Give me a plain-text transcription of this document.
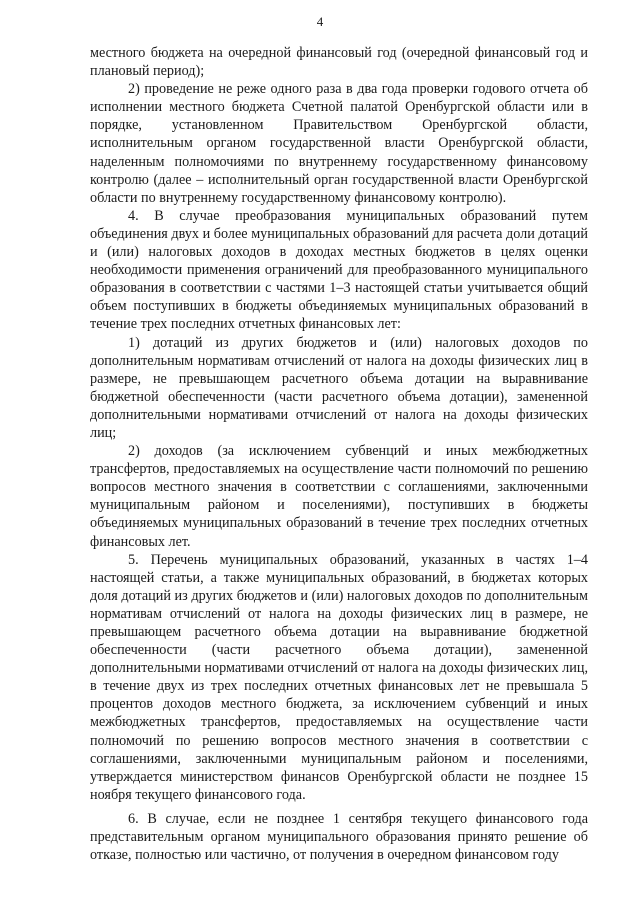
4

местного бюджета на очередной финансовый год (очередной финансовый год и плановый период);

2) проведение не реже одного раза в два года проверки годового отчета об исполнении местного бюджета Счетной палатой Оренбургской области или в порядке, установленном Правительством Оренбургской области, исполнительным органом государственной власти Оренбургской области, наделенным полномочиями по внутреннему государственному финансовому контролю (далее – исполнительный орган государственной власти Оренбургской области по внутреннему государственному финансовому контролю).

4. В случае преобразования муниципальных образований путем объединения двух и более муниципальных образований для расчета доли дотаций и (или) налоговых доходов в доходах местных бюджетов в целях оценки необходимости применения ограничений для преобразованного муниципального образования в соответствии с частями 1–3 настоящей статьи учитывается общий объем поступивших в бюджеты объединяемых муниципальных образований в течение трех последних отчетных финансовых лет:

1) дотаций из других бюджетов и (или) налоговых доходов по дополнительным нормативам отчислений от налога на доходы физических лиц в размере, не превышающем расчетного объема дотации на выравнивание бюджетной обеспеченности (части расчетного объема дотации), замененной дополнительными нормативами отчислений от налога на доходы физических лиц;

2) доходов (за исключением субвенций и иных межбюджетных трансфертов, предоставляемых на осуществление части полномочий по решению вопросов местного значения в соответствии с соглашениями, заключенными муниципальным районом и поселениями), поступивших в бюджеты объединяемых муниципальных образований в течение трех последних отчетных финансовых лет.

5. Перечень муниципальных образований, указанных в частях 1–4 настоящей статьи, а также муниципальных образований, в бюджетах которых доля дотаций из других бюджетов и (или) налоговых доходов по дополнительным нормативам отчислений от налога на доходы физических лиц в размере, не превышающем расчетного объема дотации на выравнивание бюджетной обеспеченности (части расчетного объема дотации), замененной дополнительными нормативами отчислений от налога на доходы физических лиц, в течение двух из трех последних отчетных финансовых лет не превышала 5 процентов доходов местного бюджета, за исключением субвенций и иных межбюджетных трансфертов, предоставляемых на осуществление части полномочий по решению вопросов местного значения в соответствии с соглашениями, заключенными муниципальным районом и поселениями, утверждается министерством финансов Оренбургской области не позднее 15 ноября текущего финансового года.

6. В случае, если не позднее 1 сентября текущего финансового года представительным органом муниципального образования принято решение об отказе, полностью или частично, от получения в очередном финансовом году
